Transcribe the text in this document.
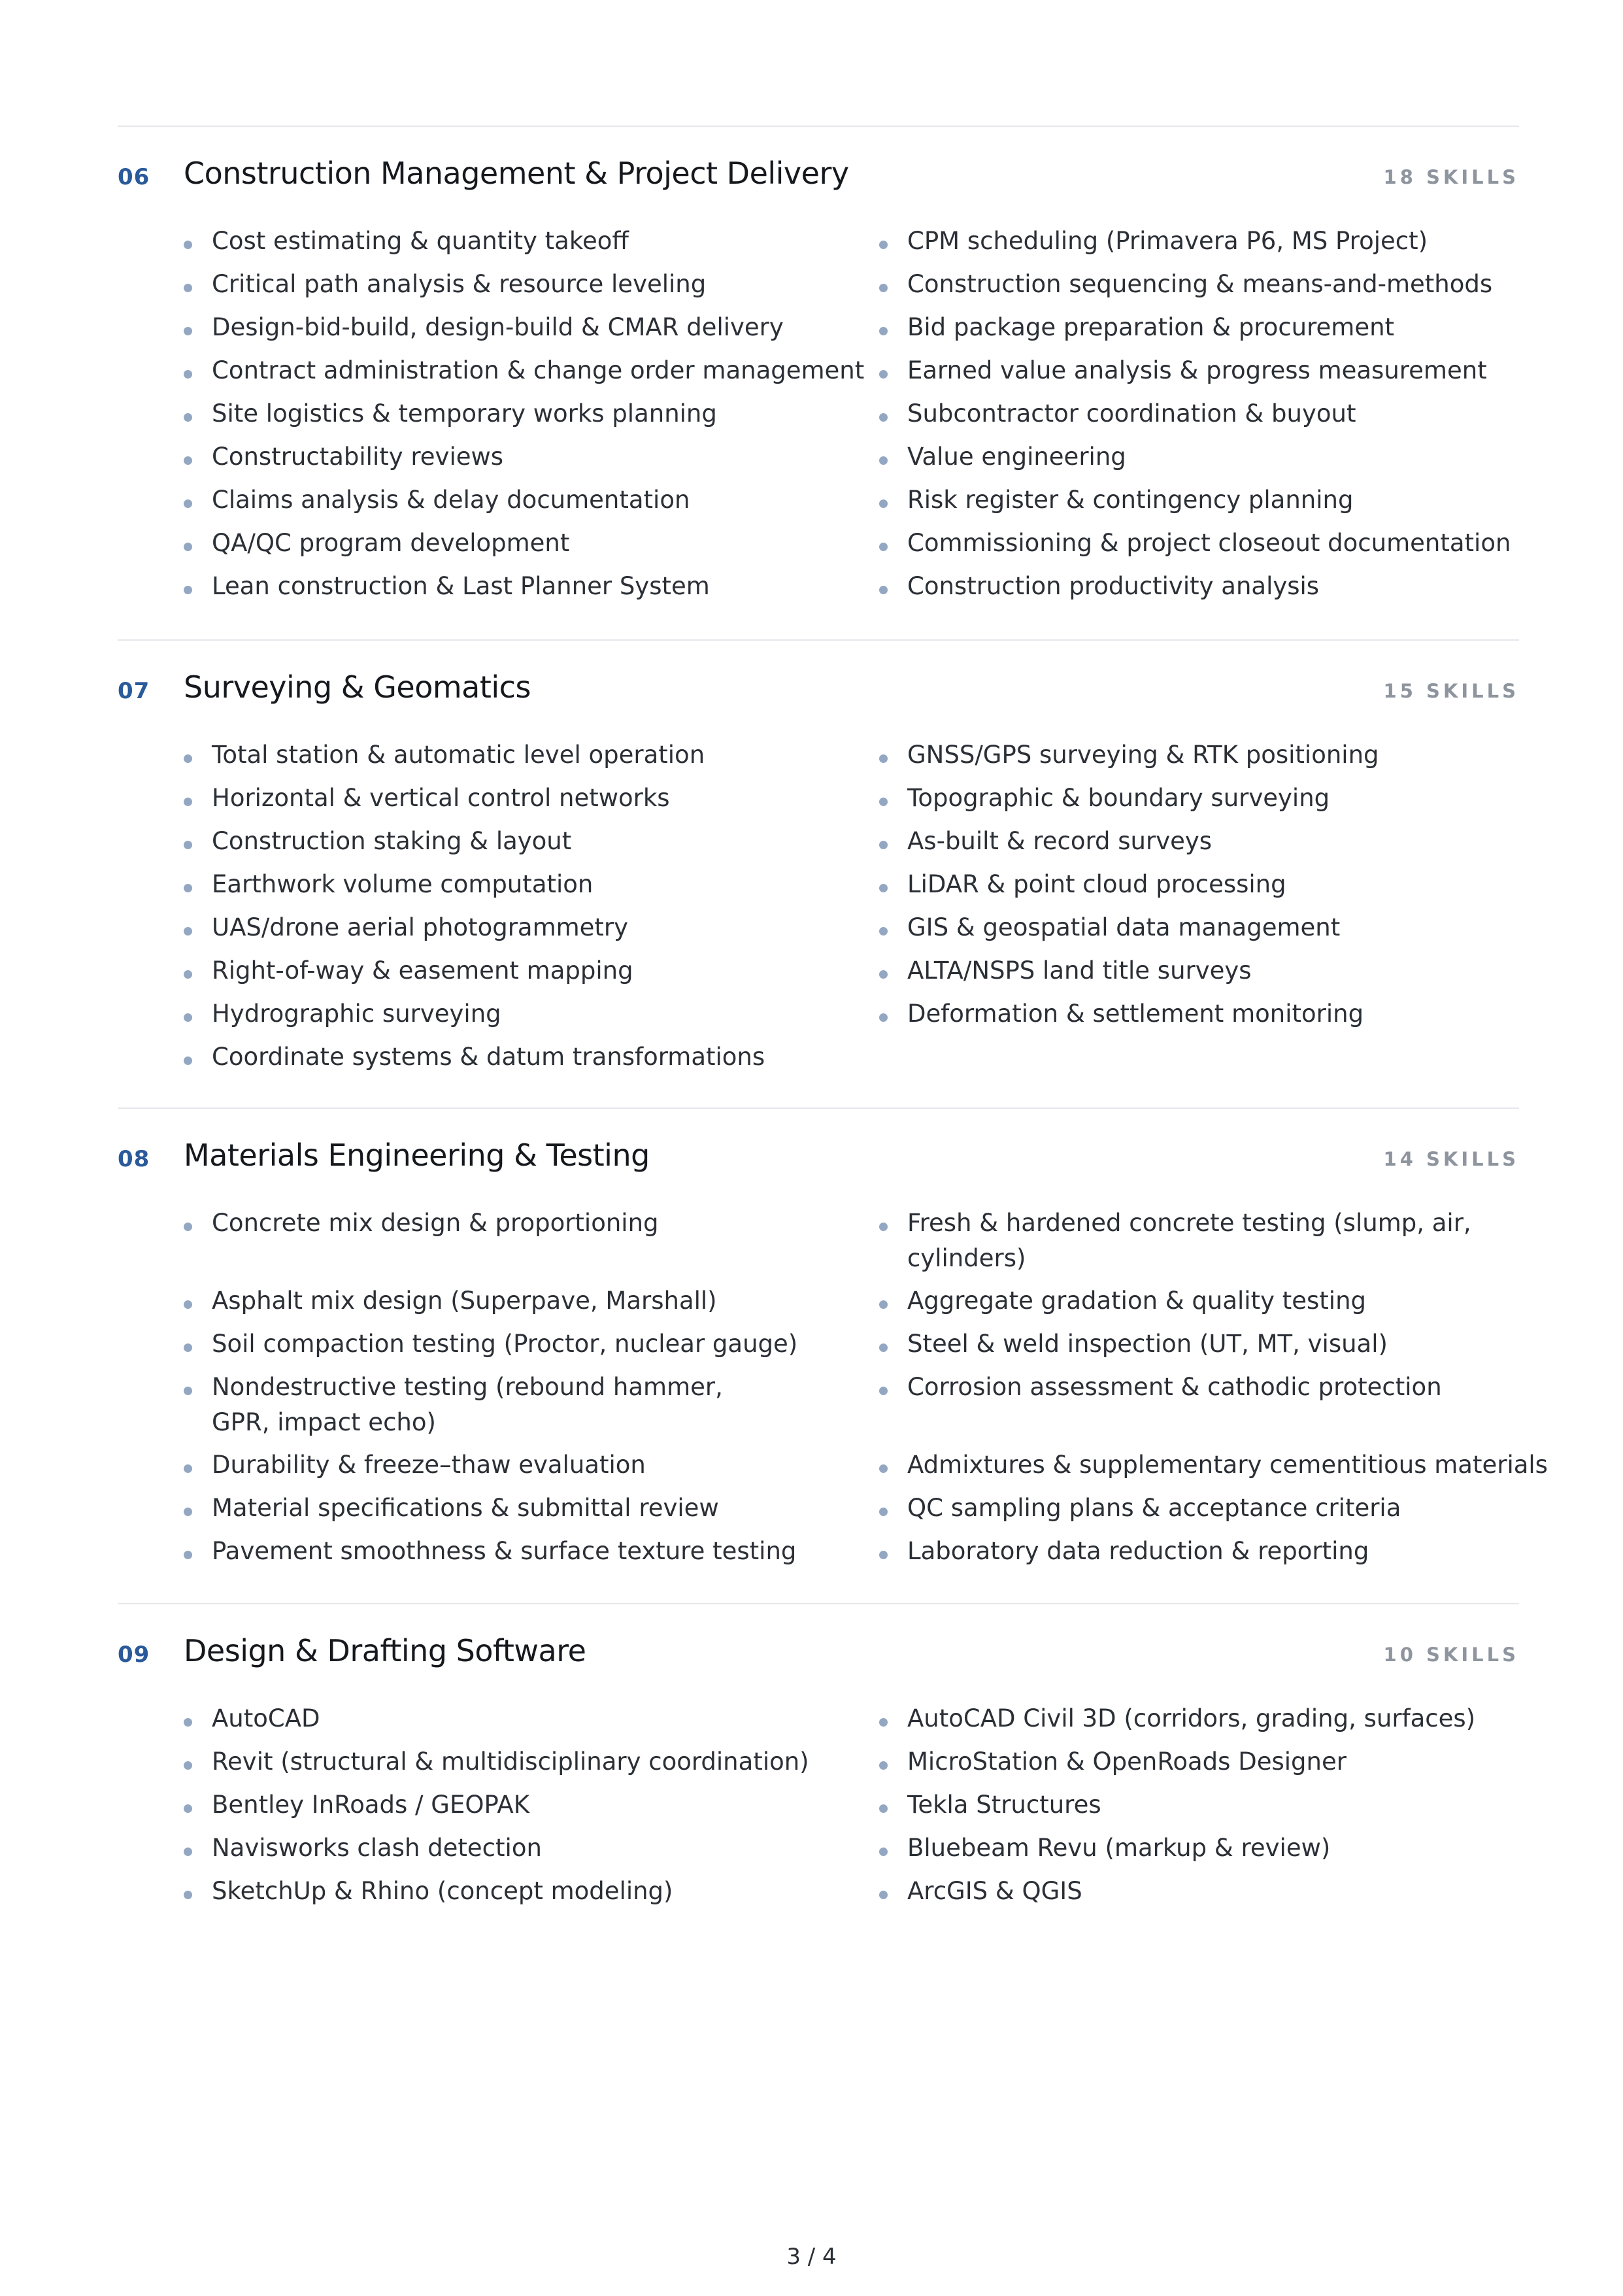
06 Construction Management & Project Delivery	18 SKILLS
Cost estimating & quantity takeoff
Critical path analysis & resource leveling
Design-bid-build, design-build & CMAR delivery
Contract administration & change order management
Site logistics & temporary works planning
Constructability reviews
Claims analysis & delay documentation
QA/QC program development
Lean construction & Last Planner System
CPM scheduling (Primavera P6, MS Project)
Construction sequencing & means-and-methods
Bid package preparation & procurement
Earned value analysis & progress measurement
Subcontractor coordination & buyout
Value engineering
Risk register & contingency planning
Commissioning & project closeout documentation
Construction productivity analysis
07 Surveying & Geomatics	15 SKILLS
Total station & automatic level operation
Horizontal & vertical control networks
Construction staking & layout
Earthwork volume computation
UAS/drone aerial photogrammetry
Right-of-way & easement mapping
Hydrographic surveying
Coordinate systems & datum transformations
GNSS/GPS surveying & RTK positioning
Topographic & boundary surveying
As-built & record surveys
LiDAR & point cloud processing
GIS & geospatial data management
ALTA/NSPS land title surveys
Deformation & settlement monitoring
08 Materials Engineering & Testing	14 SKILLS
Concrete mix design & proportioning
Asphalt mix design (Superpave, Marshall)
Soil compaction testing (Proctor, nuclear gauge)
Nondestructive testing (rebound hammer, GPR, impact echo)
Durability & freeze–thaw evaluation
Material specifications & submittal review
Pavement smoothness & surface texture testing
Fresh & hardened concrete testing (slump, air, cylinders)
Aggregate gradation & quality testing
Steel & weld inspection (UT, MT, visual)
Corrosion assessment & cathodic protection
Admixtures & supplementary cementitious materials
QC sampling plans & acceptance criteria
Laboratory data reduction & reporting
09 Design & Drafting Software	10 SKILLS
AutoCAD
Revit (structural & multidisciplinary coordination)
Bentley InRoads / GEOPAK
Navisworks clash detection
SketchUp & Rhino (concept modeling)
AutoCAD Civil 3D (corridors, grading, surfaces)
MicroStation & OpenRoads Designer
Tekla Structures
Bluebeam Revu (markup & review)
ArcGIS & QGIS
3 / 4
